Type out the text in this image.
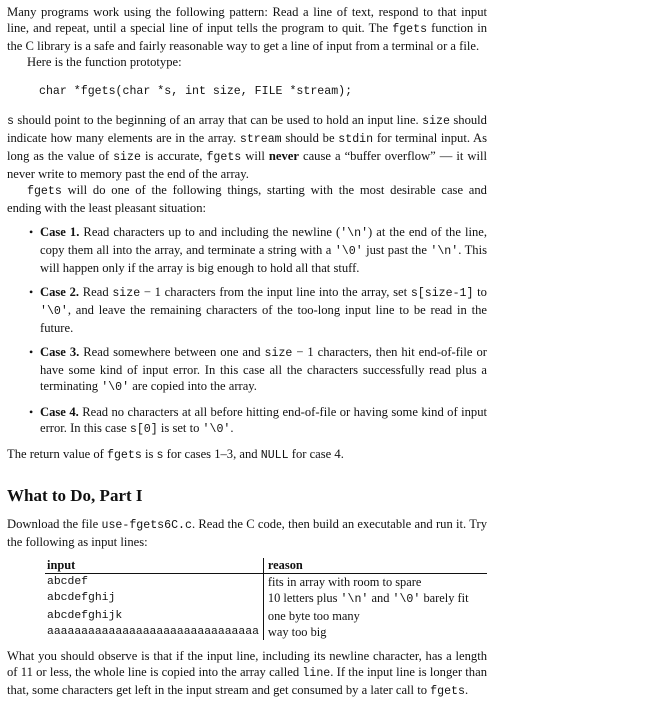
Many programs work using the following pattern: Read a line of text, respond to that input line, and repeat, until a special line of input tells the program to quit. The fgets function in the C library is a safe and fairly reasonable way to get a line of input from a terminal or a file.

Here is the function prototype:

char *fgets(char *s, int size, FILE *stream);

s should point to the beginning of an array that can be used to hold an input line. size should indicate how many elements are in the array. stream should be stdin for terminal input. As long as the value of size is accurate, fgets will never cause a “buffer overflow” — it will never write to memory past the end of the array.

fgets will do one of the following things, starting with the most desirable case and ending with the least pleasant situation:

• Case 1. Read characters up to and including the newline ('\n') at the end of the line, copy them all into the array, and terminate a string with a '\0' just past the '\n'. This will happen only if the array is big enough to hold all that stuff.
• Case 2. Read size − 1 characters from the input line into the array, set s[size-1] to '\0', and leave the remaining characters of the too-long input line to be read in the future.
• Case 3. Read somewhere between one and size − 1 characters, then hit end-of-file or have some kind of input error. In this case all the characters successfully read plus a terminating '\0' are copied into the array.
• Case 4. Read no characters at all before hitting end-of-file or having some kind of input error. In this case s[0] is set to '\0'.

The return value of fgets is s for cases 1–3, and NULL for case 4.

What to Do, Part I

Download the file use-fgets6C.c. Read the C code, then build an executable and run it. Try the following as input lines:

input	reason
abcdef	fits in array with room to spare
abcdefghij	10 letters plus '\n' and '\0' barely fit
abcdefghijk	one byte too many
aaaaaaaaaaaaaaaaaaaaaaaaaaaaaaa	way too big

What you should observe is that if the input line, including its newline character, has a length of 11 or less, the whole line is copied into the array called line. If the input line is longer than that, some characters get left in the input stream and get consumed by a later call to fgets.
